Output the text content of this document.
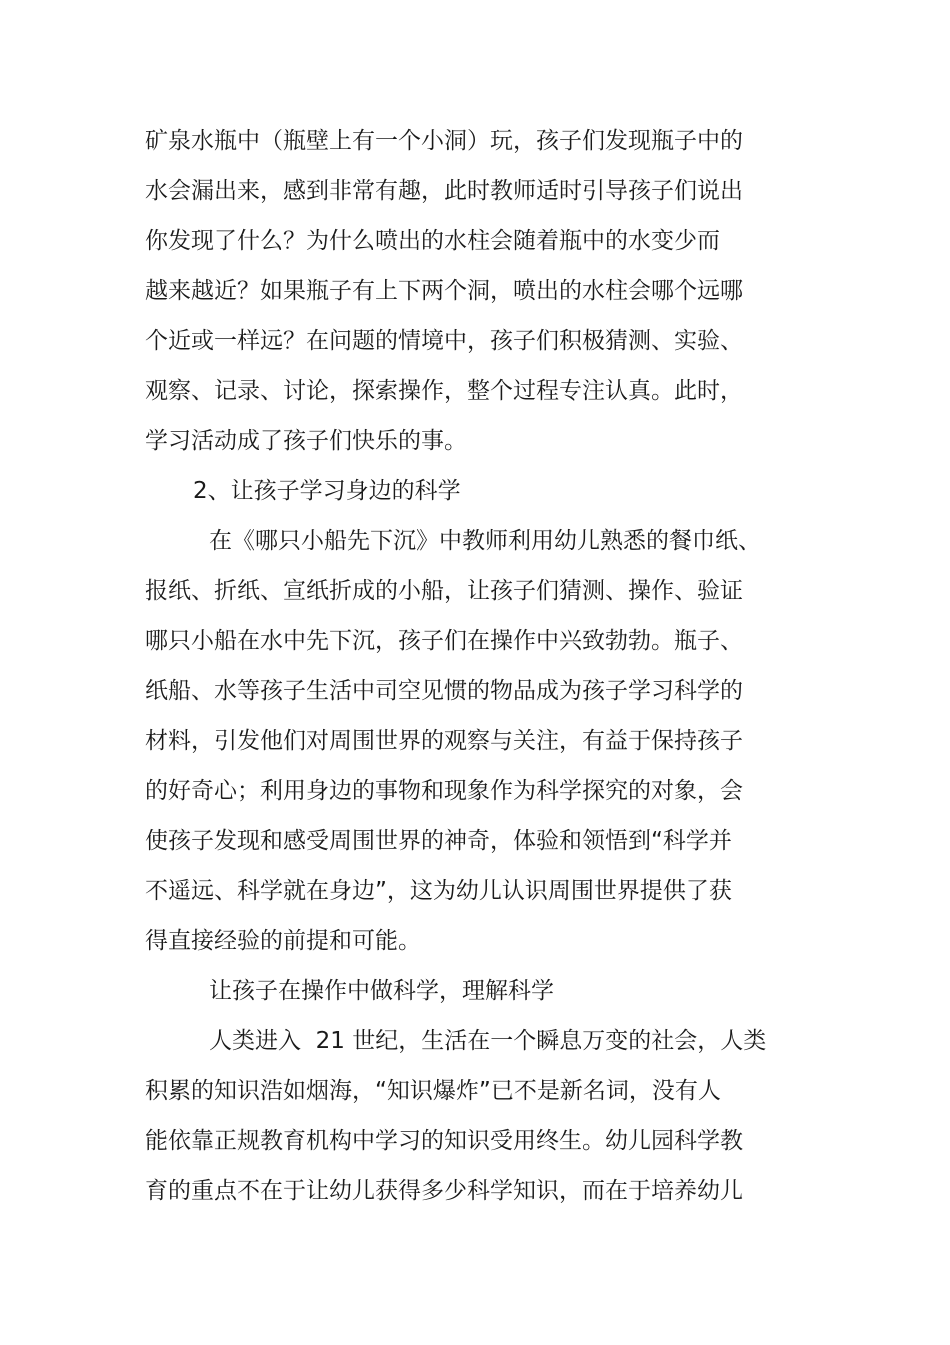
矿泉水瓶中（瓶壁上有一个小洞）玩，孩子们发现瓶子中的
水会漏出来，感到非常有趣，此时教师适时引导孩子们说出
你发现了什么？为什么喷出的水柱会随着瓶中的水变少而
越来越近？如果瓶子有上下两个洞，喷出的水柱会哪个远哪
个近或一样远？在问题的情境中，孩子们积极猜测、实验、
观察、记录、讨论，探索操作，整个过程专注认真。此时，
学习活动成了孩子们快乐的事。
2、让孩子学习身边的科学
在《哪只小船先下沉》中教师利用幼儿熟悉的餐巾纸、
报纸、折纸、宣纸折成的小船，让孩子们猜测、操作、验证
哪只小船在水中先下沉，孩子们在操作中兴致勃勃。瓶子、
纸船、水等孩子生活中司空见惯的物品成为孩子学习科学的
材料，引发他们对周围世界的观察与关注，有益于保持孩子
的好奇心；利用身边的事物和现象作为科学探究的对象，会
使孩子发现和感受周围世界的神奇，体验和领悟到“科学并
不遥远、科学就在身边”，这为幼儿认识周围世界提供了获
得直接经验的前提和可能。
让孩子在操作中做科学，理解科学
人类进入  21 世纪，生活在一个瞬息万变的社会，人类
积累的知识浩如烟海，“知识爆炸”已不是新名词，没有人
能依靠正规教育机构中学习的知识受用终生。幼儿园科学教
育的重点不在于让幼儿获得多少科学知识，而在于培养幼儿
